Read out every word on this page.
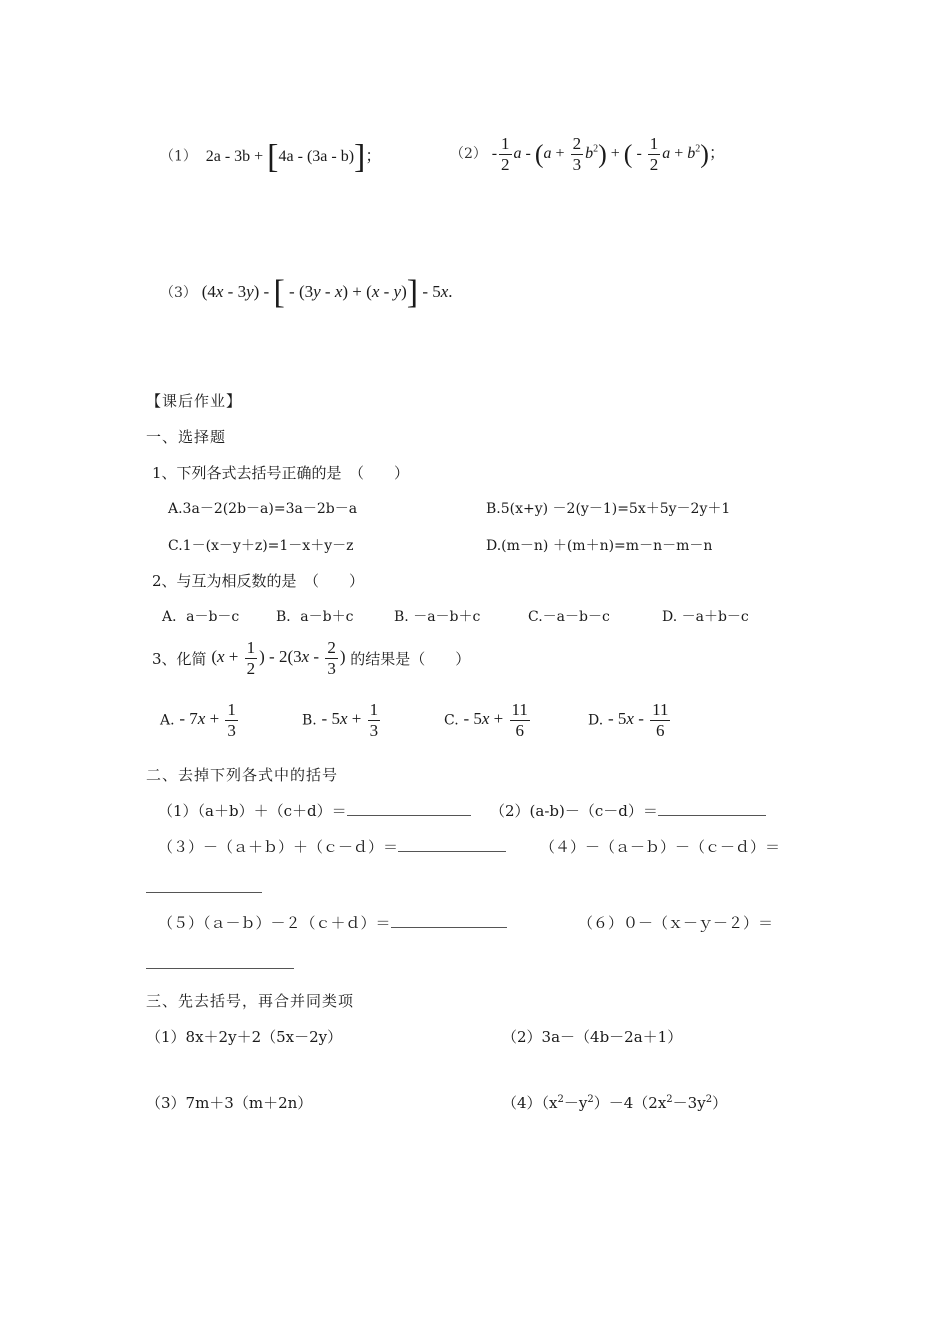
（1） 2a - 3b + [4a - (3a - b)]；	$(2) - \frac{1}{2}$ $a - (a + \frac{2}{3} b^2)$ + ( - $\frac{1}{2}$ $a + b^2$)；
（3） (4x - 3y) - [ - (3y - x) + (x - y)] - 5x.
【课后作业】
一、选择题
1、下列各式去括号正确的是　（　　）
A.3a－2(2b－a)=3a－2b－a	B.5(x+y) －2(y－1)=5x＋5y－2y＋1
C.1－(x－y＋z)=1－x＋y－z	D.(m－n) ＋(m＋n)=m－n－m－n
2、与互为相反数的是　（　　）
A．a－b－c	B．a－b＋c	B. －a－b＋c	C.－a－b－c	D. －a＋b－c
3、化简 ($x + \frac{1}{2}$ ) - $2(3x - \frac{2}{3}$ ) 的结果是（　　）
A. - $7x + \frac{1}{3}$	B. - $5x + \frac{1}{3}$	C. - $5x + \frac{11}{6}$	D. - $5x - \frac{11}{6}$
二、去掉下列各式中的括号
（1）（a＋b）＋（c＋d）＝	（2）(a-b)－（c－d）＝
（３）－（ａ＋ｂ）＋（ｃ－ｄ）＝	（４）－（ａ－ｂ）－（ｃ－ｄ）＝
（５）（ａ－ｂ）－２（ｃ＋ｄ）＝	（６）０－（ｘ－ｙ－２）＝
三、先去括号，再合并同类项
（1）8x＋2y＋2（5x－2y）	（2）3a－（4b－2a＋1）
（3）7m＋3（m＋2n）	$(4)(x^2-y^2)-4(2x^2-3y^2)$
